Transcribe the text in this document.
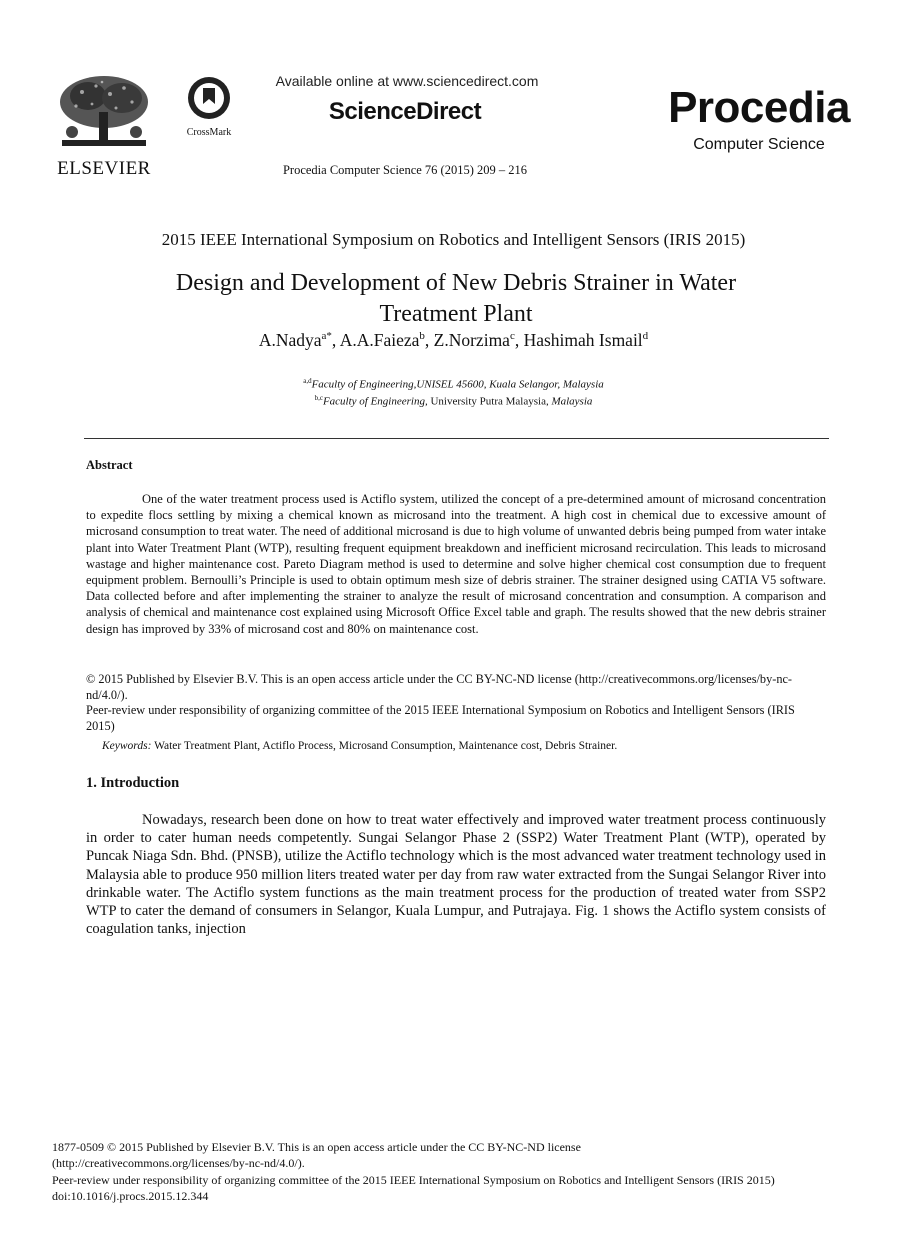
ELSEVIER
CrossMark
Available online at www.sciencedirect.com
ScienceDirect
Procedia Computer Science 76 (2015) 209 – 216
Procedia
Computer Science
2015 IEEE International Symposium on Robotics and Intelligent Sensors (IRIS 2015)
Design and Development of New Debris Strainer in Water
Treatment Plant
A.Nadya$^{a*}$, A.A.Faieza$^b$, Z.Norzima$^c$, Hashimah Ismail$^d$
$^{a,d}$Faculty of Engineering,UNISEL 45600, Kuala Selangor, Malaysia
$^{b,c}$Faculty of Engineering, University Putra Malaysia, Malaysia
Abstract
One of the water treatment process used is Actiflo system, utilized the concept of a pre-determined amount of microsand concentration to expedite flocs settling by mixing a chemical known as microsand into the treatment. A high cost in chemical due to excessive amount of microsand consumption to treat water. The need of additional microsand is due to high volume of unwanted debris being pumped from water intake plant into Water Treatment Plant (WTP), resulting frequent equipment breakdown and inefficient microsand recirculation. This leads to microsand wastage and higher maintenance cost. Pareto Diagram method is used to determine and solve higher chemical cost consumption due to frequent equipment problem. Bernoulli’s Principle is used to obtain optimum mesh size of debris strainer. The strainer designed using CATIA V5 software. Data collected before and after implementing the strainer to analyze the result of microsand concentration and consumption. A comparison and analysis of chemical and maintenance cost explained using Microsoft Office Excel table and graph. The results showed that the new debris strainer design has improved by 33% of microsand cost and 80% on maintenance cost.
© 2015 Published by Elsevier B.V. This is an open access article under the CC BY-NC-ND license (http://creativecommons.org/licenses/by-nc-nd/4.0/).
Peer-review under responsibility of organizing committee of the 2015 IEEE International Symposium on Robotics and Intelligent Sensors (IRIS 2015)
Keywords: Water Treatment Plant, Actiflo Process, Microsand Consumption, Maintenance cost, Debris Strainer.
1. Introduction
Nowadays, research been done on how to treat water effectively and improved water treatment process continuously in order to cater human needs competently. Sungai Selangor Phase 2 (SSP2) Water Treatment Plant (WTP), operated by Puncak Niaga Sdn. Bhd. (PNSB), utilize the Actiflo technology which is the most advanced water treatment technology used in Malaysia able to produce 950 million liters treated water per day from raw water extracted from the Sungai Selangor River into drinkable water. The Actiflo system functions as the main treatment process for the production of treated water from SSP2 WTP to cater the demand of consumers in Selangor, Kuala Lumpur, and Putrajaya. Fig. 1 shows the Actiflo system consists of coagulation tanks, injection
1877-0509 © 2015 Published by Elsevier B.V. This is an open access article under the CC BY-NC-ND license
(http://creativecommons.org/licenses/by-nc-nd/4.0/).
Peer-review under responsibility of organizing committee of the 2015 IEEE International Symposium on Robotics and Intelligent Sensors (IRIS 2015)
doi:10.1016/j.procs.2015.12.344
